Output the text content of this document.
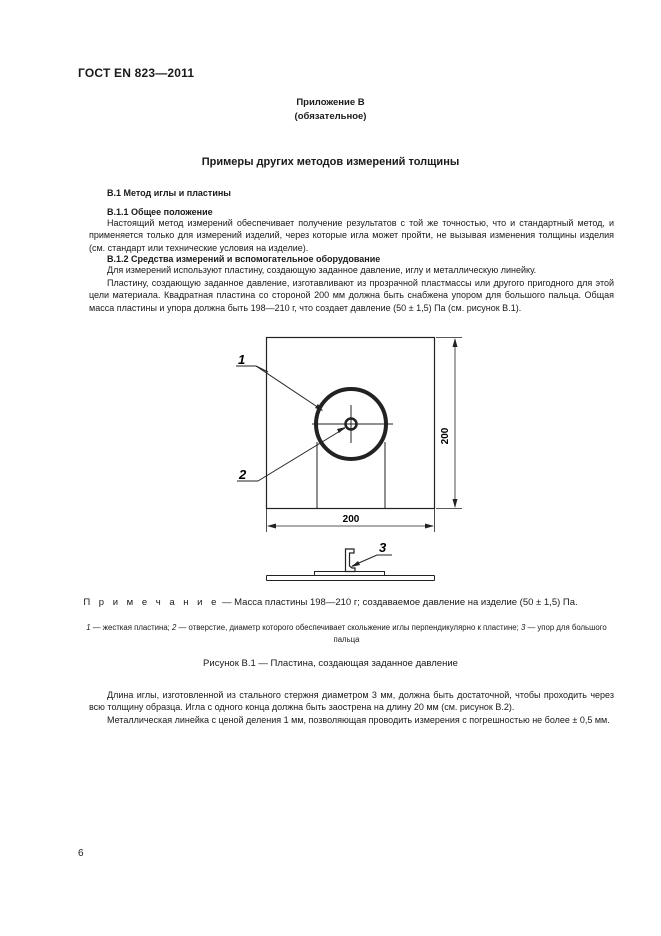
ГОСТ EN 823—2011
Приложение В
(обязательное)
Примеры других методов измерений толщины
В.1 Метод иглы и пластины
В.1.1 Общее положение
Настоящий метод измерений обеспечивает получение результатов с той же точностью, что и стандартный метод, и применяется только для измерений изделий, через которые игла может пройти, не вызывая изменения толщины изделия (см. стандарт или технические условия на изделие).
В.1.2 Средства измерений и вспомогательное оборудование
Для измерений используют пластину, создающую заданное давление, иглу и металлическую линейку.
Пластину, создающую заданное давление, изготавливают из прозрачной пластмассы или другого пригодного для этой цели материала. Квадратная пластина со стороной 200 мм должна быть снабжена упором для большого пальца. Общая масса пластины и упора должна быть 198—210 г, что создает давление (50 ± 1,5) Па (см. рисунок В.1).
200
200
1
2
3
П р и м е ч а н и е — Масса пластины 198—210 г; создаваемое давление на изделие (50 ± 1,5) Па.
1 — жесткая пластина; 2 — отверстие, диаметр которого обеспечивает скольжение иглы перпендикулярно к пластине; 3 — упор для большого пальца
Рисунок В.1 — Пластина, создающая заданное давление
Длина иглы, изготовленной из стального стержня диаметром 3 мм, должна быть достаточной, чтобы проходить через всю толщину образца. Игла с одного конца должна быть заострена на длину 20 мм (см. рисунок В.2).
Металлическая линейка с ценой деления 1 мм, позволяющая проводить измерения с погрешностью не более ± 0,5 мм.
6
